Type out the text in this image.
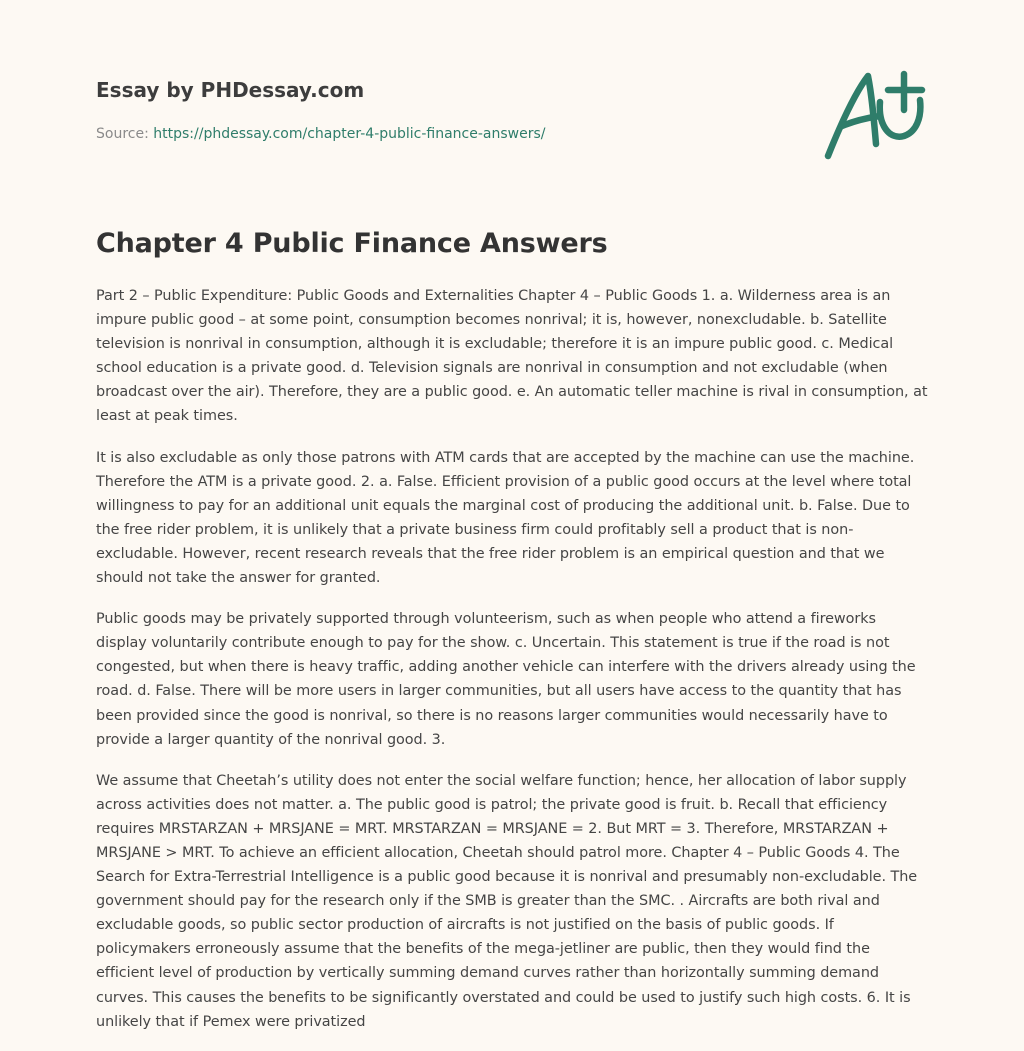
Essay by PHDessay.com
Source: https://phdessay.com/chapter-4-public-finance-answers/
Chapter 4 Public Finance Answers

Part 2 – Public Expenditure: Public Goods and Externalities Chapter 4 – Public Goods 1. a. Wilderness area is an impure public good – at some point, consumption becomes nonrival; it is, however, nonexcludable. b. Satellite television is nonrival in consumption, although it is excludable; therefore it is an impure public good. c. Medical school education is a private good. d. Television signals are nonrival in consumption and not excludable (when broadcast over the air). Therefore, they are a public good. e. An automatic teller machine is rival in consumption, at least at peak times.

It is also excludable as only those patrons with ATM cards that are accepted by the machine can use the machine. Therefore the ATM is a private good. 2. a. False. Efficient provision of a public good occurs at the level where total willingness to pay for an additional unit equals the marginal cost of producing the additional unit. b. False. Due to the free rider problem, it is unlikely that a private business firm could profitably sell a product that is non-excludable. However, recent research reveals that the free rider problem is an empirical question and that we should not take the answer for granted.

Public goods may be privately supported through volunteerism, such as when people who attend a fireworks display voluntarily contribute enough to pay for the show. c. Uncertain. This statement is true if the road is not congested, but when there is heavy traffic, adding another vehicle can interfere with the drivers already using the road. d. False. There will be more users in larger communities, but all users have access to the quantity that has been provided since the good is nonrival, so there is no reasons larger communities would necessarily have to provide a larger quantity of the nonrival good. 3.

We assume that Cheetah’s utility does not enter the social welfare function; hence, her allocation of labor supply across activities does not matter. a. The public good is patrol; the private good is fruit. b. Recall that efficiency requires MRSTARZAN + MRSJANE = MRT. MRSTARZAN = MRSJANE = 2. But MRT = 3. Therefore, MRSTARZAN + MRSJANE > MRT. To achieve an efficient allocation, Cheetah should patrol more. Chapter 4 – Public Goods 4. The Search for Extra-Terrestrial Intelligence is a public good because it is nonrival and presumably non-excludable. The government should pay for the research only if the SMB is greater than the SMC. . Aircrafts are both rival and excludable goods, so public sector production of aircrafts is not justified on the basis of public goods. If policymakers erroneously assume that the benefits of the mega-jetliner are public, then they would find the efficient level of production by vertically summing demand curves rather than horizontally summing demand curves. This causes the benefits to be significantly overstated and could be used to justify such high costs. 6. It is unlikely that if Pemex were privatized
